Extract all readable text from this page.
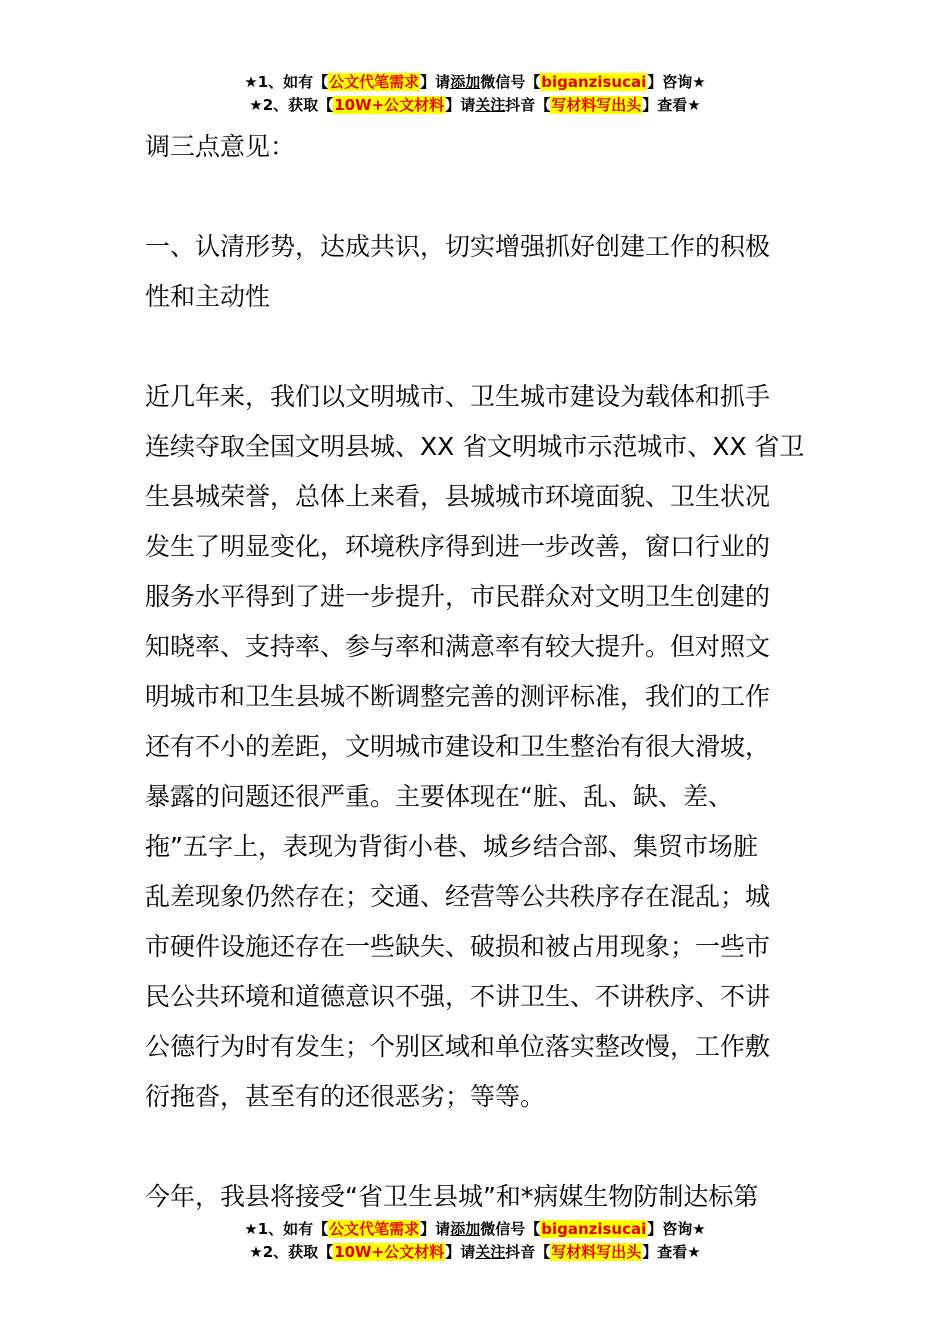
★1、如有【公文代笔需求】请添加微信号【biganzisucai】咨询★
★2、获取【10W+公文材料】请关注抖音【写材料写出头】查看★

调三点意见：

一、认清形势，达成共识，切实增强抓好创建工作的积极

性和主动性

近几年来，我们以文明城市、卫生城市建设为载体和抓手

连续夺取全国文明县城、XX 省文明城市示范城市、XX 省卫

生县城荣誉，总体上来看，县城城市环境面貌、卫生状况

发生了明显变化，环境秩序得到进一步改善，窗口行业的

服务水平得到了进一步提升，市民群众对文明卫生创建的

知晓率、支持率、参与率和满意率有较大提升。但对照文

明城市和卫生县城不断调整完善的测评标准，我们的工作

还有不小的差距，文明城市建设和卫生整治有很大滑坡，

暴露的问题还很严重。主要体现在“脏、乱、缺、差、

拖”五字上，表现为背街小巷、城乡结合部、集贸市场脏

乱差现象仍然存在；交通、经营等公共秩序存在混乱；城

市硬件设施还存在一些缺失、破损和被占用现象；一些市

民公共环境和道德意识不强，不讲卫生、不讲秩序、不讲

公德行为时有发生；个别区域和单位落实整改慢，工作敷

衍拖沓，甚至有的还很恶劣；等等。

今年，我县将接受“省卫生县城”和*病媒生物防制达标第

★1、如有【公文代笔需求】请添加微信号【biganzisucai】咨询★
★2、获取【10W+公文材料】请关注抖音【写材料写出头】查看★
